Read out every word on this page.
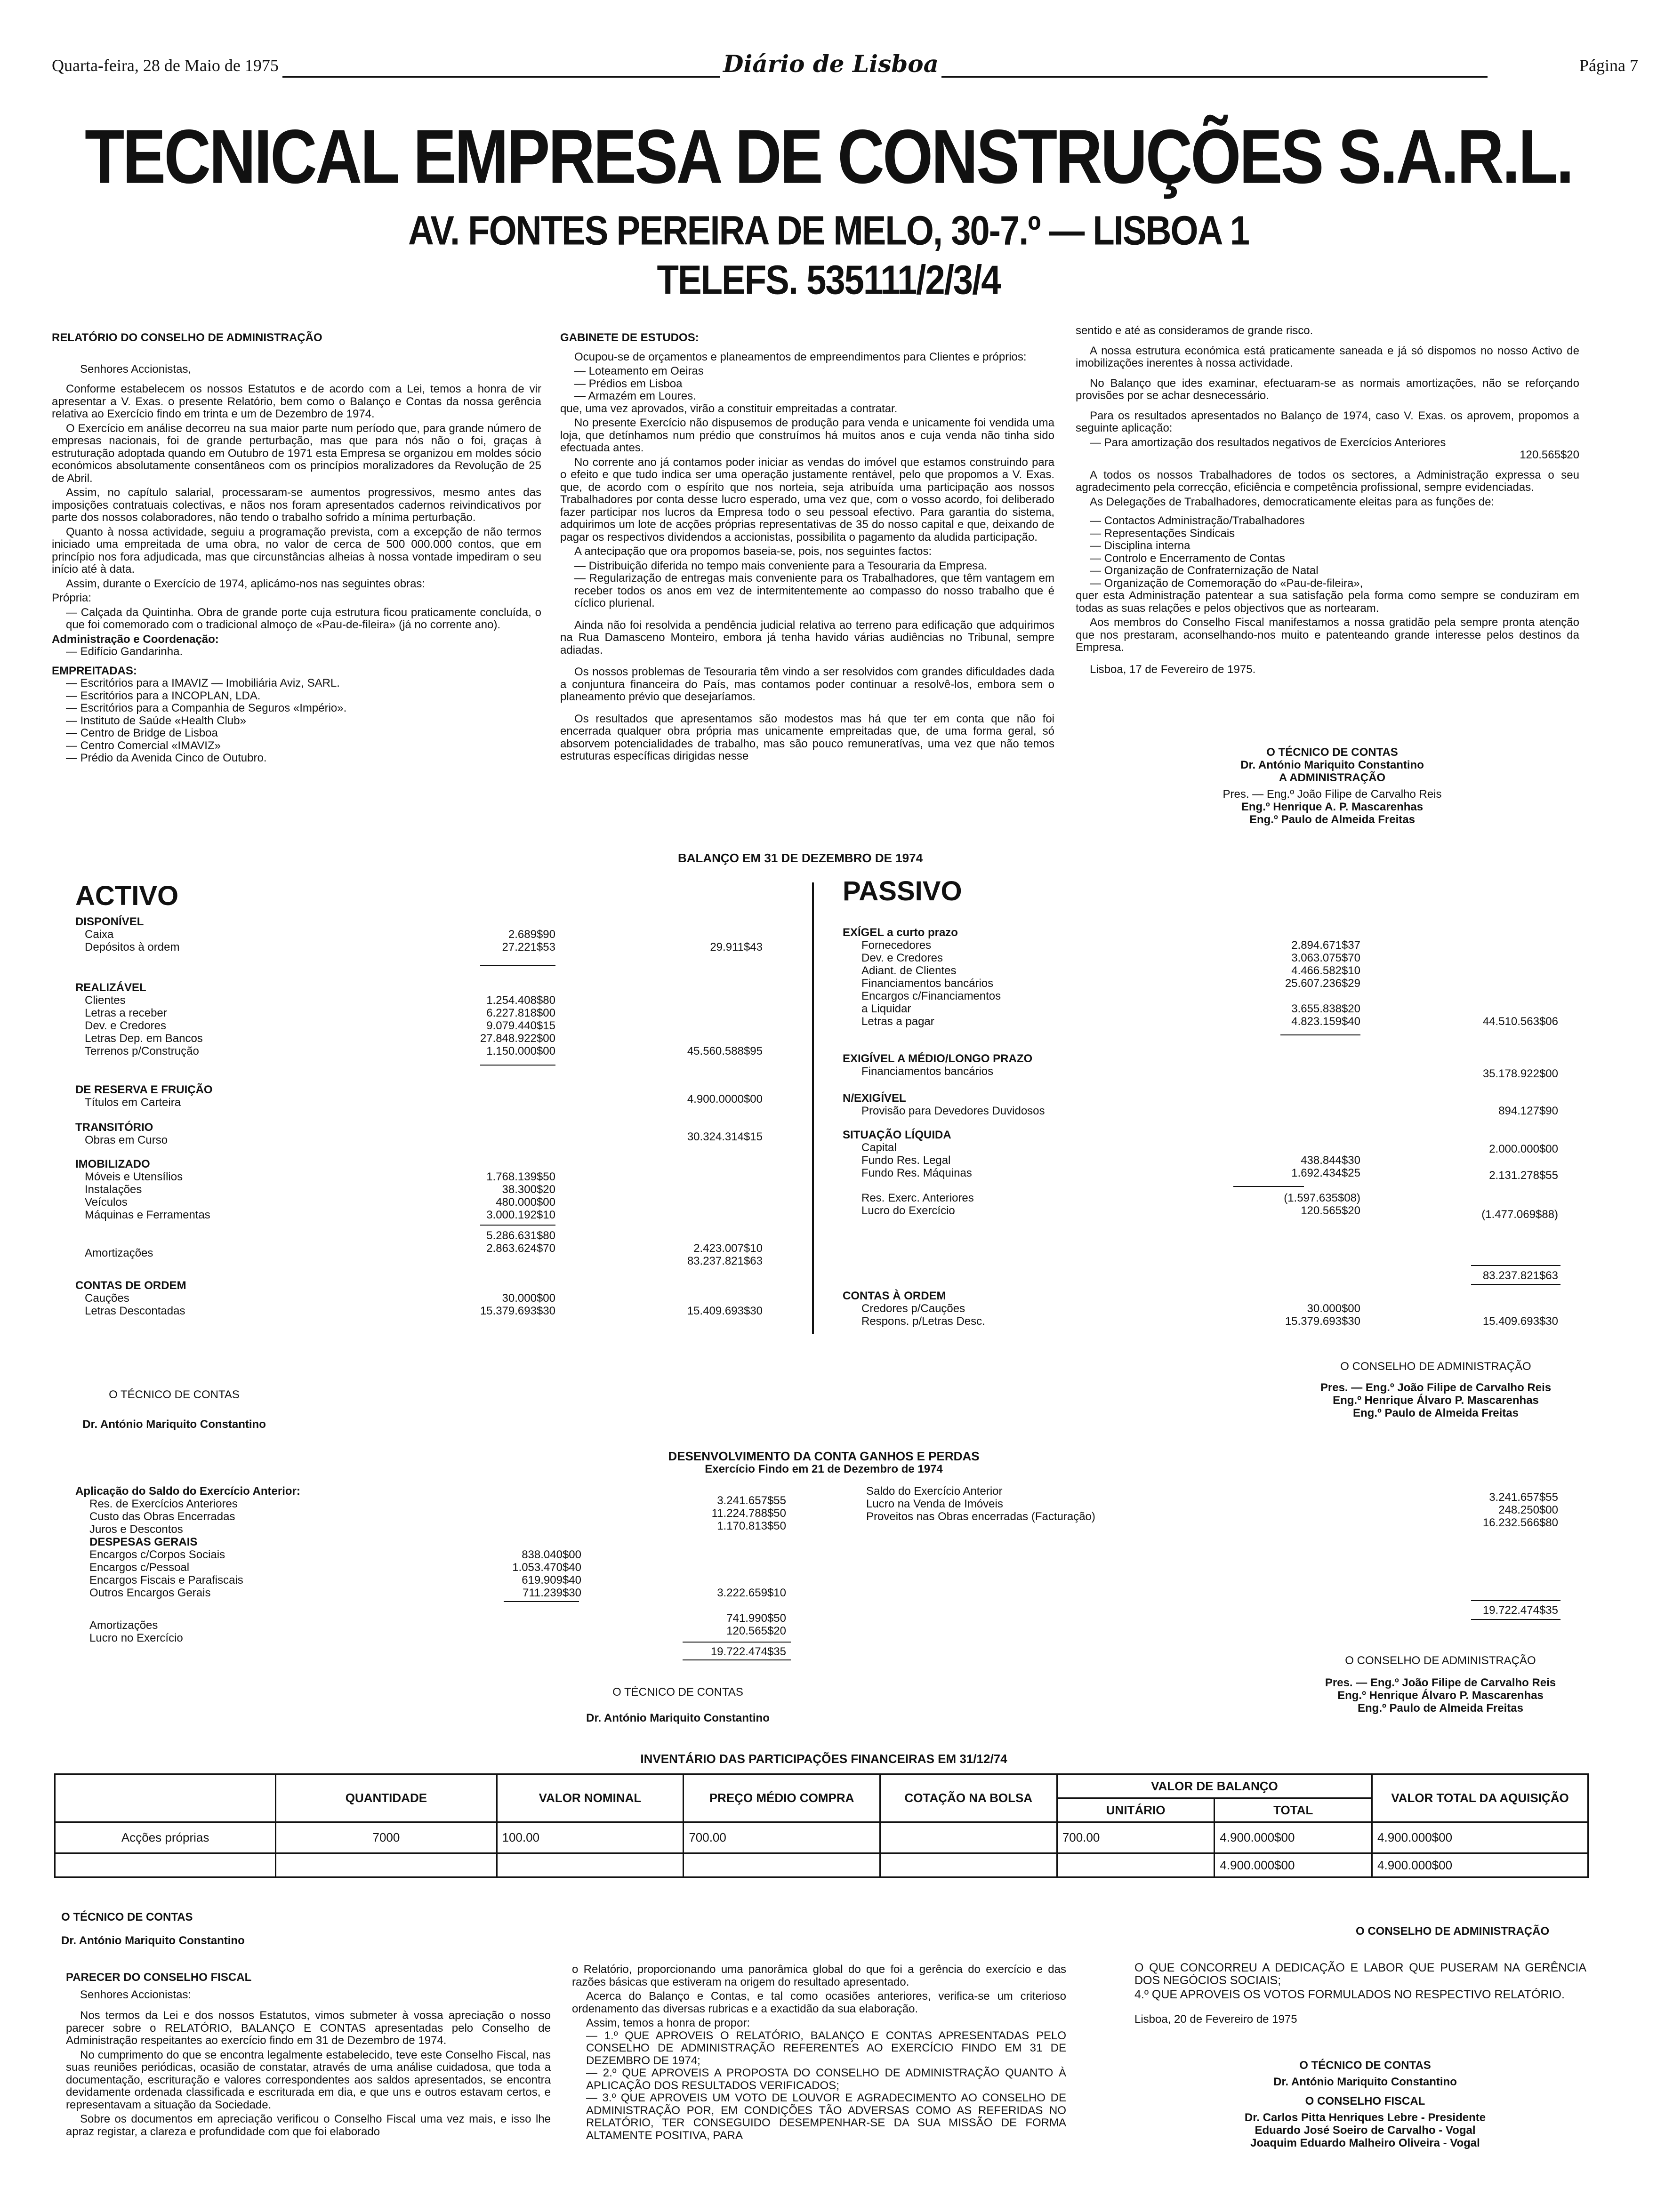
Quarta-feira, 28 de Maio de 1975	Diário de Lisboa	Página 7
TECNICAL EMPRESA DE CONSTRUÇÕES S.A.R.L.
AV. FONTES PEREIRA DE MELO, 30-7.º — LISBOA 1
TELEFS. 535111/2/3/4

RELATÓRIO DO CONSELHO DE ADMINISTRAÇÃO

Senhores Accionistas,

Conforme estabelecem os nossos Estatutos e de acordo com a Lei, temos a honra de vir apresentar a V. Exas. o presente Relatório, bem como o Balanço e Contas da nossa gerência relativa ao Exercício findo em trinta e um de Dezembro de 1974.

O Exercício em análise decorreu na sua maior parte num período que, para grande número de empresas nacionais, foi de grande perturbação, mas que para nós não o foi, graças à estruturação adoptada quando em Outubro de 1971 esta Empresa se organizou em moldes sócio económicos absolutamente consentâneos com os princípios moralizadores da Revolução de 25 de Abril.

Assim, no capítulo salarial, processaram-se aumentos progressivos, mesmo antes das imposições contratuais colectivas, e nãos nos foram apresentados cadernos reivindicativos por parte dos nossos colaboradores, não tendo o trabalho sofrido a mínima perturbação.

Quanto à nossa actividade, seguiu a programação prevista, com a excepção de não termos iniciado uma empreitada de uma obra, no valor de cerca de 500 000.000 contos, que em princípio nos fora adjudicada, mas que circunstâncias alheias à nossa vontade impediram o seu início até à data.

Assim, durante o Exercício de 1974, aplicámo-nos nas seguintes obras:

Própria:

— Calçada da Quintinha. Obra de grande porte cuja estrutura ficou praticamente concluída, o que foi comemorado com o tradicional almoço de «Pau-de-fileira» (já no corrente ano).

Administração e Coordenação:

— Edifício Gandarinha.

EMPREITADAS:

— Escritórios para a IMAVIZ — Imobiliária Aviz, SARL.

— Escritórios para a INCOPLAN, LDA.

— Escritórios para a Companhia de Seguros «Império».

— Instituto de Saúde «Health Club»

— Centro de Bridge de Lisboa

— Centro Comercial «IMAVIZ»

— Prédio da Avenida Cinco de Outubro.

GABINETE DE ESTUDOS:

Ocupou-se de orçamentos e planeamentos de empreendimentos para Clientes e próprios:

— Loteamento em Oeiras

— Prédios em Lisboa

— Armazém em Loures.

que, uma vez aprovados, virão a constituir empreitadas a contratar.

No presente Exercício não dispusemos de produção para venda e unicamente foi vendida uma loja, que detínhamos num prédio que construímos há muitos anos e cuja venda não tinha sido efectuada antes.

No corrente ano já contamos poder iniciar as vendas do imóvel que estamos construindo para o efeito e que tudo indica ser uma operação justamente rentável, pelo que propomos a V. Exas. que, de acordo com o espírito que nos norteia, seja atribuída uma participação aos nossos Trabalhadores por conta desse lucro esperado, uma vez que, com o vosso acordo, foi deliberado fazer participar nos lucros da Empresa todo o seu pessoal efectivo. Para garantia do sistema, adquirimos um lote de acções próprias representativas de 35 do nosso capital e que, deixando de pagar os respectivos dividendos a accionistas, possibilita o pagamento da aludida participação.

A antecipação que ora propomos baseia-se, pois, nos seguintes factos:

— Distribuição diferida no tempo mais conveniente para a Tesouraria da Empresa.

— Regularização de entregas mais conveniente para os Trabalhadores, que têm vantagem em receber todos os anos em vez de intermitentemente ao compasso do nosso trabalho que é cíclico plurienal.

Ainda não foi resolvida a pendência judicial relativa ao terreno para edificação que adquirimos na Rua Damasceno Monteiro, embora já tenha havido várias audiências no Tribunal, sempre adiadas.

Os nossos problemas de Tesouraria têm vindo a ser resolvidos com grandes dificuldades dada a conjuntura financeira do País, mas contamos poder continuar a resolvê-los, embora sem o planeamento prévio que desejaríamos.

Os resultados que apresentamos são modestos mas há que ter em conta que não foi encerrada qualquer obra própria mas unicamente empreitadas que, de uma forma geral, só absorvem potencialidades de trabalho, mas são pouco remuneratívas, uma vez que não temos estruturas específicas dirigidas nesse

sentido e até as consideramos de grande risco.

A nossa estrutura económica está praticamente saneada e já só dispomos no nosso Activo de imobilizações inerentes à nossa actividade.

No Balanço que ides examinar, efectuaram-se as normais amortizações, não se reforçando provisões por se achar desnecessário.

Para os resultados apresentados no Balanço de 1974, caso V. Exas. os aprovem, propomos a seguinte aplicação:

— Para amortização dos resultados negativos de Exercícios Anteriores

120.565$20

A todos os nossos Trabalhadores de todos os sectores, a Administração expressa o seu agradecimento pela correcção, eficiência e competência profissional, sempre evidenciadas.

As Delegações de Trabalhadores, democraticamente eleitas para as funções de:

— Contactos Administração/Trabalhadores

— Representações Sindicais

— Disciplina interna

— Controlo e Encerramento de Contas

— Organização de Confraternização de Natal

— Organização de Comemoração do «Pau-de-fileira»,

quer esta Administração patentear a sua satisfação pela forma como sempre se conduziram em todas as suas relações e pelos objectivos que as nortearam.

Aos membros do Conselho Fiscal manifestamos a nossa gratidão pela sempre pronta atenção que nos prestaram, aconselhando-nos muito e patenteando grande interesse pelos destinos da Empresa.

Lisboa, 17 de Fevereiro de 1975.

O TÉCNICO DE CONTAS
Dr. António Mariquito Constantino
A ADMINISTRAÇÃO
Pres. — Eng.º João Filipe de Carvalho Reis
Eng.º Henrique A. P. Mascarenhas
Eng.º Paulo de Almeida Freitas
BALANÇO EM 31 DE DEZEMBRO DE 1974
ACTIVO	PASSIVO
DISPONÍVEL
Caixa	2.689$90
Depósitos à ordem	27.221$53	29.911$43
REALIZÁVEL
Clientes	1.254.408$80
Letras a receber	6.227.818$00
Dev. e Credores	9.079.440$15
Letras Dep. em Bancos	27.848.922$00
Terrenos p/Construção	1.150.000$00	45.560.588$95
DE RESERVA E FRUIÇÃO
Títulos em Carteira	4.900.0000$00
TRANSITÓRIO
Obras em Curso	30.324.314$15
IMOBILIZADO
Móveis e Utensílios	1.768.139$50
Instalações	38.300$20
Veículos	480.000$00
Máquinas e Ferramentas	3.000.192$10
5.286.631$80
Amortizações	2.863.624$70	2.423.007$10
83.237.821$63
CONTAS DE ORDEM
Cauções	30.000$00
Letras Descontadas	15.379.693$30	15.409.693$30
EXÍGEL a curto prazo
Fornecedores	2.894.671$37
Dev. e Credores	3.063.075$70
Adiant. de Clientes	4.466.582$10
Financiamentos bancários	25.607.236$29
Encargos c/Financiamentos
a Liquidar	3.655.838$20
Letras a pagar	4.823.159$40	44.510.563$06
EXIGÍVEL A MÉDIO/LONGO PRAZO
Financiamentos bancários	35.178.922$00
N/EXIGÍVEL
Provisão para Devedores Duvidosos	894.127$90
SITUAÇÃO LÍQUIDA
Capital	2.000.000$00
Fundo Res. Legal	438.844$30
Fundo Res. Máquinas	1.692.434$25	2.131.278$55
Res. Exerc. Anteriores	(1.597.635$08)
Lucro do Exercício	120.565$20	(1.477.069$88)
83.237.821$63
CONTAS À ORDEM
Credores p/Cauções	30.000$00
Respons. p/Letras Desc.	15.379.693$30	15.409.693$30
O TÉCNICO DE CONTAS
Dr. António Mariquito Constantino
O CONSELHO DE ADMINISTRAÇÃO
Pres. — Eng.º João Filipe de Carvalho Reis
Eng.º Henrique Álvaro P. Mascarenhas
Eng.º Paulo de Almeida Freitas
DESENVOLVIMENTO DA CONTA GANHOS E PERDAS
Exercício Findo em 21 de Dezembro de 1974
Aplicação do Saldo do Exercício Anterior:
Res. de Exercícios Anteriores	3.241.657$55
Custo das Obras Encerradas	11.224.788$50
Juros e Descontos	1.170.813$50
DESPESAS GERAIS
Encargos c/Corpos Sociais	838.040$00
Encargos c/Pessoal	1.053.470$40
Encargos Fiscais e Parafiscais	619.909$40
Outros Encargos Gerais	711.239$30	3.222.659$10
Amortizações
741.990$50
Lucro no Exercício
120.565$20
19.722.474$35
Saldo do Exercício Anterior	3.241.657$55
Lucro na Venda de Imóveis	248.250$00
Proveitos nas Obras encerradas (Facturação)	16.232.566$80
19.722.474$35
O TÉCNICO DE CONTAS
Dr. António Mariquito Constantino
O CONSELHO DE ADMINISTRAÇÃO
Pres. — Eng.º João Filipe de Carvalho Reis
Eng.º Henrique Álvaro P. Mascarenhas
Eng.º Paulo de Almeida Freitas
INVENTÁRIO DAS PARTICIPAÇÕES FINANCEIRAS EM 31/12/74
	QUANTIDADE	VALOR NOMINAL	PREÇO MÉDIO COMPRA	COTAÇÃO NA BOLSA	VALOR DE BALANÇO		VALOR TOTAL DA AQUISIÇÃO
					UNITÁRIO	TOTAL	
Acções próprias	7000	100.00	700.00		700.00	4.900.000$00	4.900.000$00
						4.900.000$00	4.900.000$00
O TÉCNICO DE CONTAS
Dr. António Mariquito Constantino
O CONSELHO DE ADMINISTRAÇÃO

PARECER DO CONSELHO FISCAL

Senhores Accionistas:

Nos termos da Lei e dos nossos Estatutos, vimos submeter à vossa apreciação o nosso parecer sobre o RELATÓRIO, BALANÇO E CONTAS apresentadas pelo Conselho de Administração respeitantes ao exercício findo em 31 de Dezembro de 1974.

No cumprimento do que se encontra legalmente estabelecido, teve este Conselho Fiscal, nas suas reuniões periódicas, ocasião de constatar, através de uma análise cuidadosa, que toda a documentação, escrituração e valores correspondentes aos saldos apresentados, se encontra devidamente ordenada classificada e escriturada em dia, e que uns e outros estavam certos, e representavam a situação da Sociedade.

Sobre os documentos em apreciação verificou o Conselho Fiscal uma vez mais, e isso lhe apraz registar, a clareza e profundidade com que foi elaborado

o Relatório, proporcionando uma panorâmica global do que foi a gerência do exercício e das razões básicas que estiveram na origem do resultado apresentado.

Acerca do Balanço e Contas, e tal como ocasiões anteriores, verifica-se um criterioso ordenamento das diversas rubricas e a exactidão da sua elaboração.

Assim, temos a honra de propor:

— 1.º QUE APROVEIS O RELATÓRIO, BALANÇO E CONTAS APRESENTADAS PELO CONSELHO DE ADMINISTRAÇÃO REFERENTES AO EXERCÍCIO FINDO EM 31 DE DEZEMBRO DE 1974;

— 2.º QUE APROVEIS A PROPOSTA DO CONSELHO DE ADMINISTRAÇÃO QUANTO À APLICAÇÃO DOS RESULTADOS VERIFICADOS;

— 3.º QUE APROVEIS UM VOTO DE LOUVOR E AGRADECIMENTO AO CONSELHO DE ADMINISTRAÇÃO POR, EM CONDIÇÕES TÃO ADVERSAS COMO AS REFERIDAS NO RELATÓRIO, TER CONSEGUIDO DESEMPENHAR-SE DA SUA MISSÃO DE FORMA ALTAMENTE POSITIVA, PARA

O QUE CONCORREU A DEDICAÇÃO E LABOR QUE PUSERAM NA GERÊNCIA DOS NEGÓCIOS SOCIAIS;

4.º QUE APROVEIS OS VOTOS FORMULADOS NO RESPECTIVO RELATÓRIO.

Lisboa, 20 de Fevereiro de 1975

O TÉCNICO DE CONTAS
Dr. António Mariquito Constantino
O CONSELHO FISCAL
Dr. Carlos Pitta Henriques Lebre - Presidente
Eduardo José Soeiro de Carvalho - Vogal
Joaquim Eduardo Malheiro Oliveira - Vogal
